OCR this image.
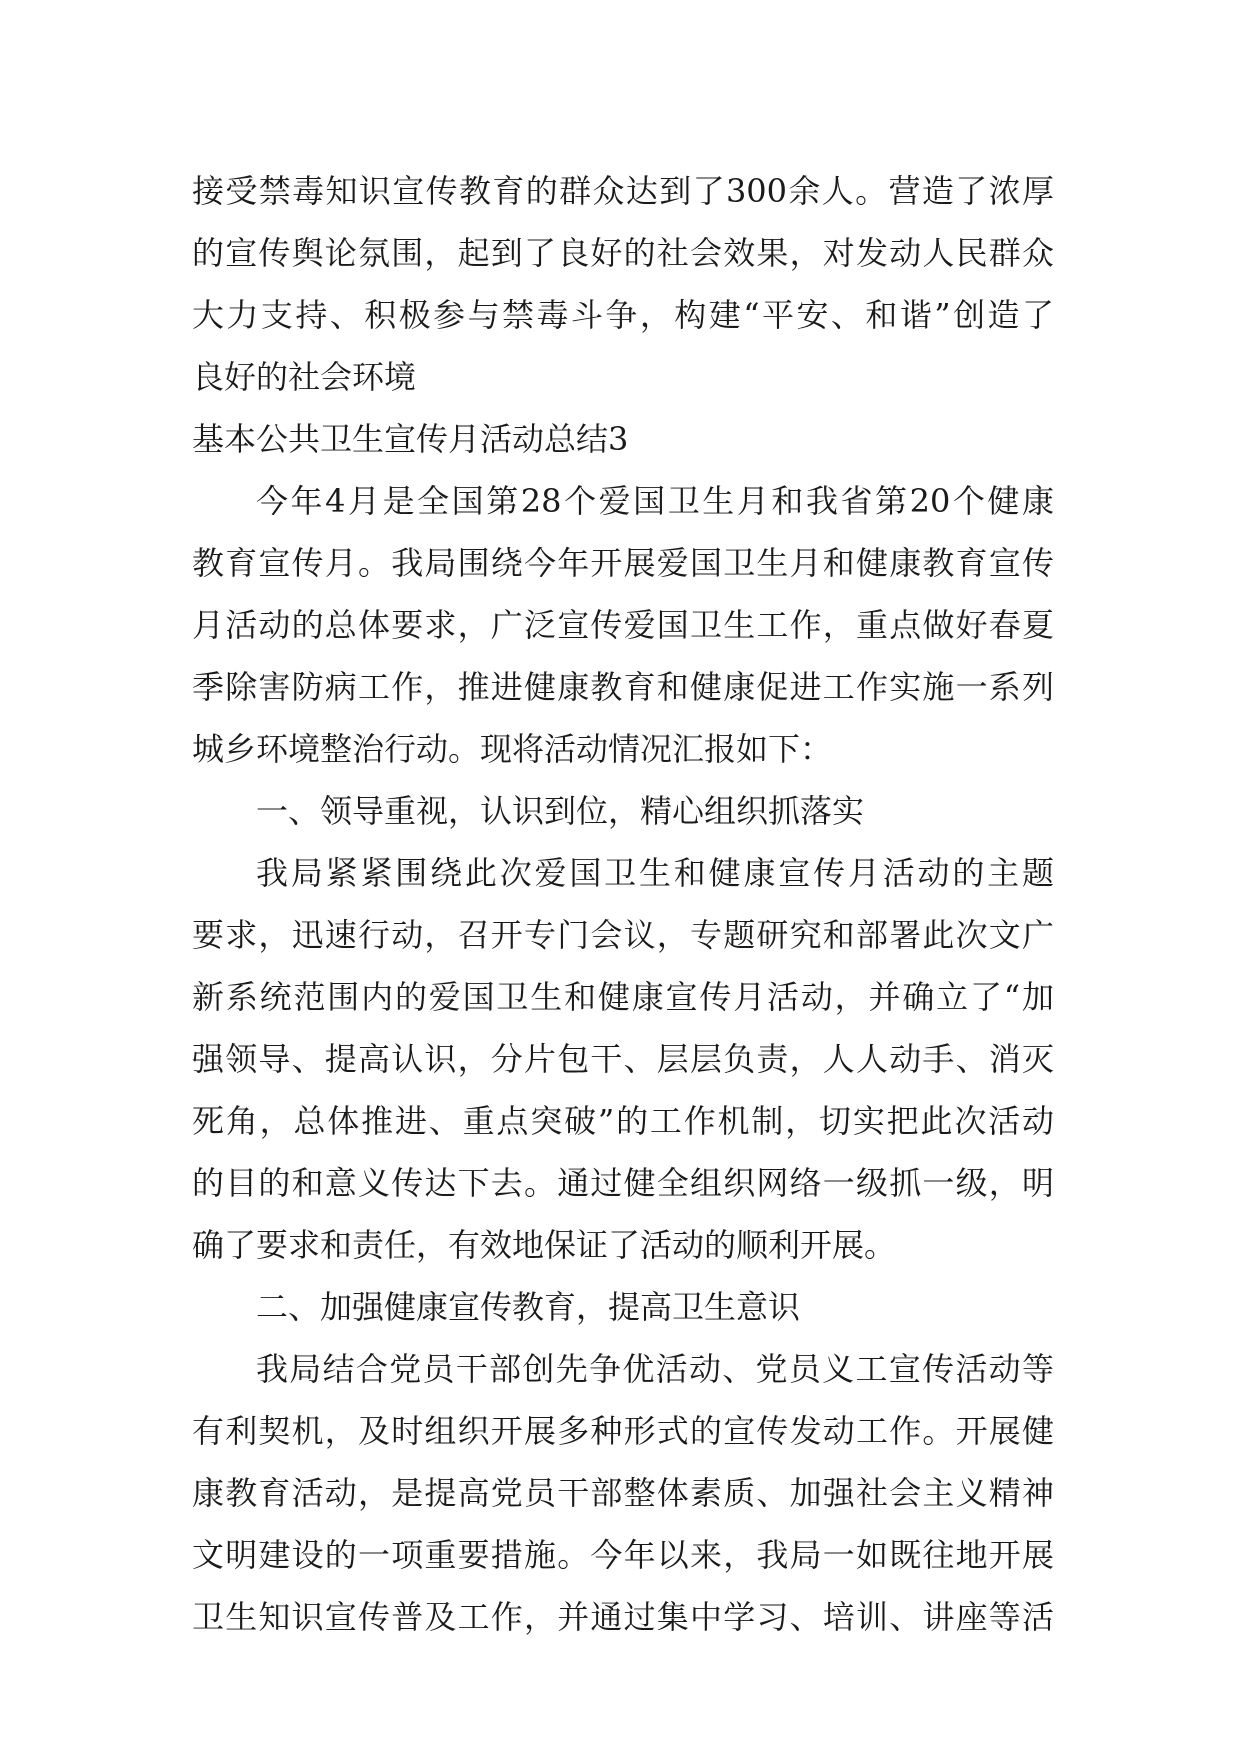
接受禁毒知识宣传教育的群众达到了300余人。营造了浓厚
的宣传舆论氛围，起到了良好的社会效果，对发动人民群众
大力支持、积极参与禁毒斗争，构建“平安、和谐”创造了
良好的社会环境
基本公共卫生宣传月活动总结3
今年4月是全国第28个爱国卫生月和我省第20个健康
教育宣传月。我局围绕今年开展爱国卫生月和健康教育宣传
月活动的总体要求，广泛宣传爱国卫生工作，重点做好春夏
季除害防病工作，推进健康教育和健康促进工作实施一系列
城乡环境整治行动。现将活动情况汇报如下：
一、领导重视，认识到位，精心组织抓落实
我局紧紧围绕此次爱国卫生和健康宣传月活动的主题
要求，迅速行动，召开专门会议，专题研究和部署此次文广
新系统范围内的爱国卫生和健康宣传月活动，并确立了“加
强领导、提高认识，分片包干、层层负责，人人动手、消灭
死角，总体推进、重点突破”的工作机制，切实把此次活动
的目的和意义传达下去。通过健全组织网络一级抓一级，明
确了要求和责任，有效地保证了活动的顺利开展。
二、加强健康宣传教育，提高卫生意识
我局结合党员干部创先争优活动、党员义工宣传活动等
有利契机，及时组织开展多种形式的宣传发动工作。开展健
康教育活动，是提高党员干部整体素质、加强社会主义精神
文明建设的一项重要措施。今年以来，我局一如既往地开展
卫生知识宣传普及工作，并通过集中学习、培训、讲座等活
